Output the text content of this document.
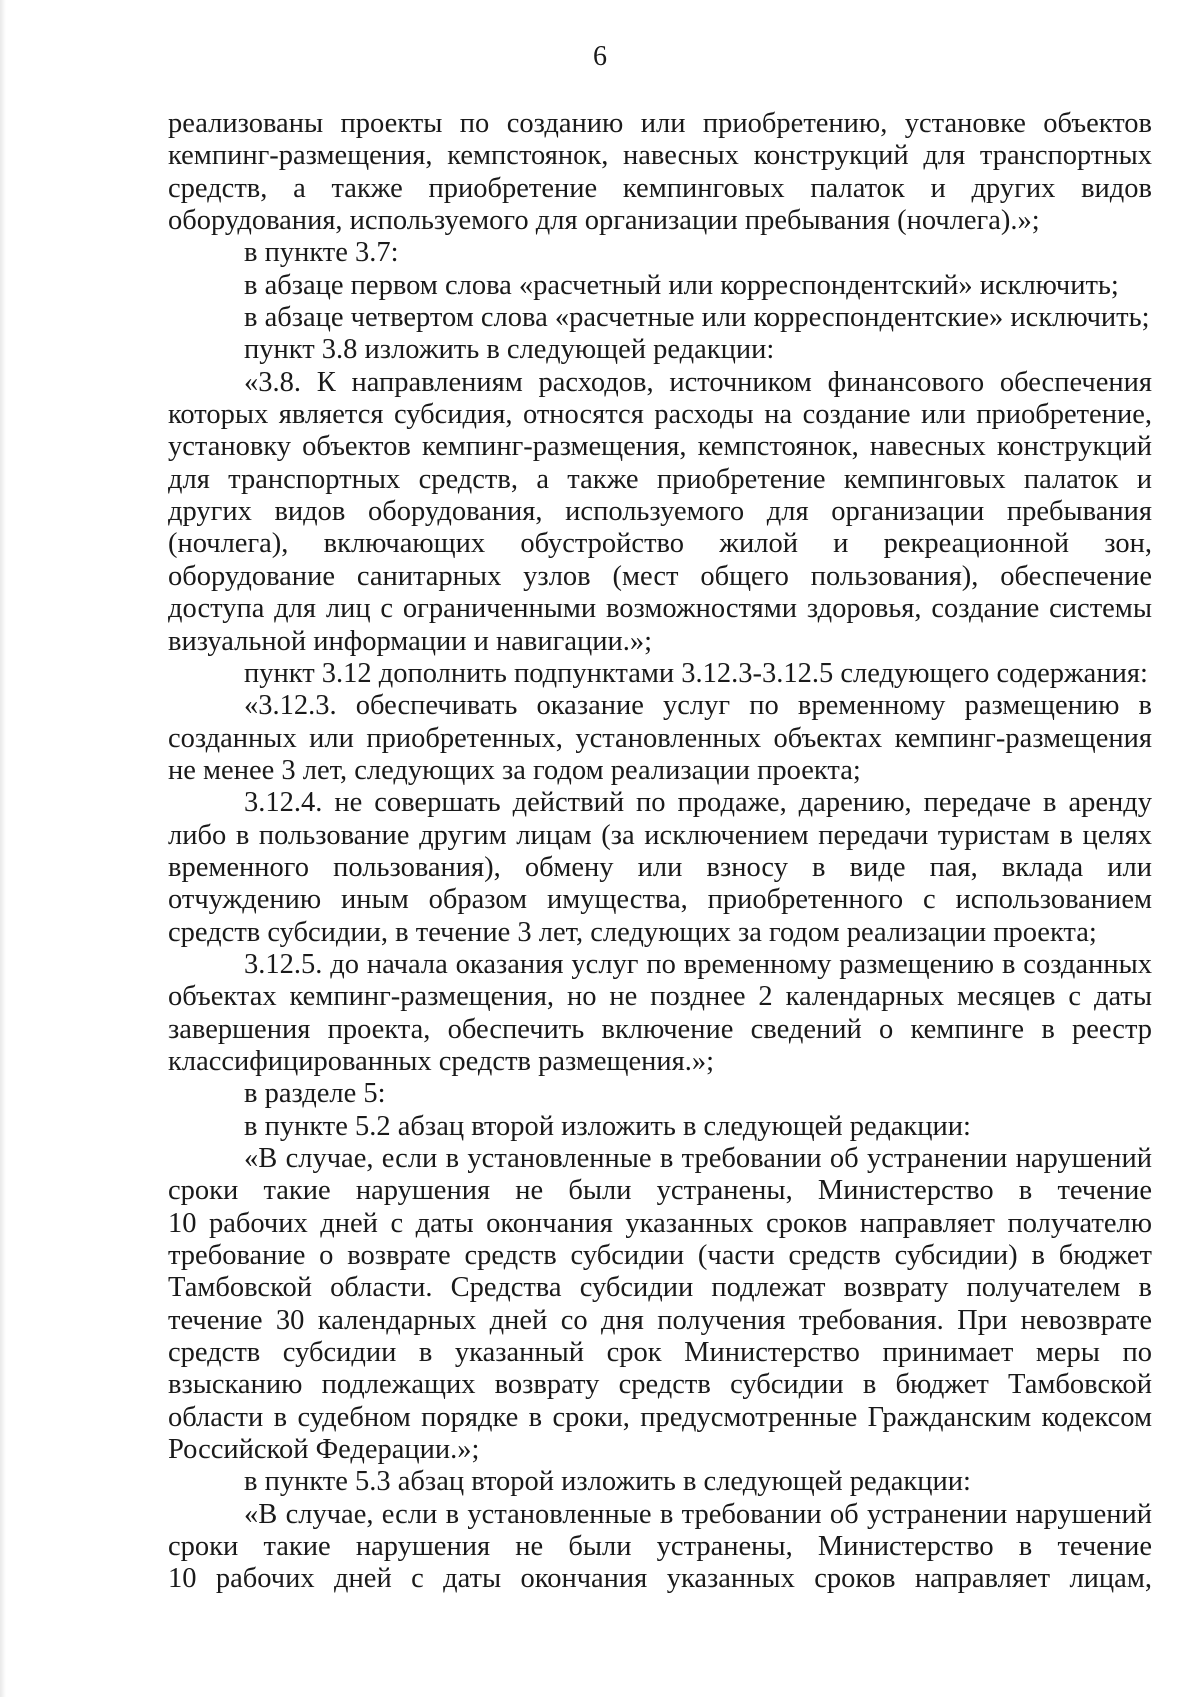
6
реализованы проекты по созданию или приобретению, установке объектов
кемпинг-размещения, кемпстоянок, навесных конструкций для транспортных
средств, а также приобретение кемпинговых палаток и других видов
оборудования, используемого для организации пребывания (ночлега).»;
в пункте 3.7:
в абзаце первом слова «расчетный или корреспондентский» исключить;
в абзаце четвертом слова «расчетные или корреспондентские» исключить;
пункт 3.8 изложить в следующей редакции:
«3.8. К направлениям расходов, источником финансового обеспечения
которых является субсидия, относятся расходы на создание или приобретение,
установку объектов кемпинг-размещения, кемпстоянок, навесных конструкций
для транспортных средств, а также приобретение кемпинговых палаток и
других видов оборудования, используемого для организации пребывания
(ночлега), включающих обустройство жилой и рекреационной зон,
оборудование санитарных узлов (мест общего пользования), обеспечение
доступа для лиц с ограниченными возможностями здоровья, создание системы
визуальной информации и навигации.»;
пункт 3.12 дополнить подпунктами 3.12.3-3.12.5 следующего содержания:
«3.12.3. обеспечивать оказание услуг по временному размещению в
созданных или приобретенных, установленных объектах кемпинг-размещения
не менее 3 лет, следующих за годом реализации проекта;
3.12.4. не совершать действий по продаже, дарению, передаче в аренду
либо в пользование другим лицам (за исключением передачи туристам в целях
временного пользования), обмену или взносу в виде пая, вклада или
отчуждению иным образом имущества, приобретенного с использованием
средств субсидии, в течение 3 лет, следующих за годом реализации проекта;
3.12.5. до начала оказания услуг по временному размещению в созданных
объектах кемпинг-размещения, но не позднее 2 календарных месяцев с даты
завершения проекта, обеспечить включение сведений о кемпинге в реестр
классифицированных средств размещения.»;
в разделе 5:
в пункте 5.2 абзац второй изложить в следующей редакции:
«В случае, если в установленные в требовании об устранении нарушений
сроки такие нарушения не были устранены, Министерство в течение
10 рабочих дней с даты окончания указанных сроков направляет получателю
требование о возврате средств субсидии (части средств субсидии) в бюджет
Тамбовской области. Средства субсидии подлежат возврату получателем в
течение 30 календарных дней со дня получения требования. При невозврате
средств субсидии в указанный срок Министерство принимает меры по
взысканию подлежащих возврату средств субсидии в бюджет Тамбовской
области в судебном порядке в сроки, предусмотренные Гражданским кодексом
Российской Федерации.»;
в пункте 5.3 абзац второй изложить в следующей редакции:
«В случае, если в установленные в требовании об устранении нарушений
сроки такие нарушения не были устранены, Министерство в течение
10 рабочих дней с даты окончания указанных сроков направляет лицам,
